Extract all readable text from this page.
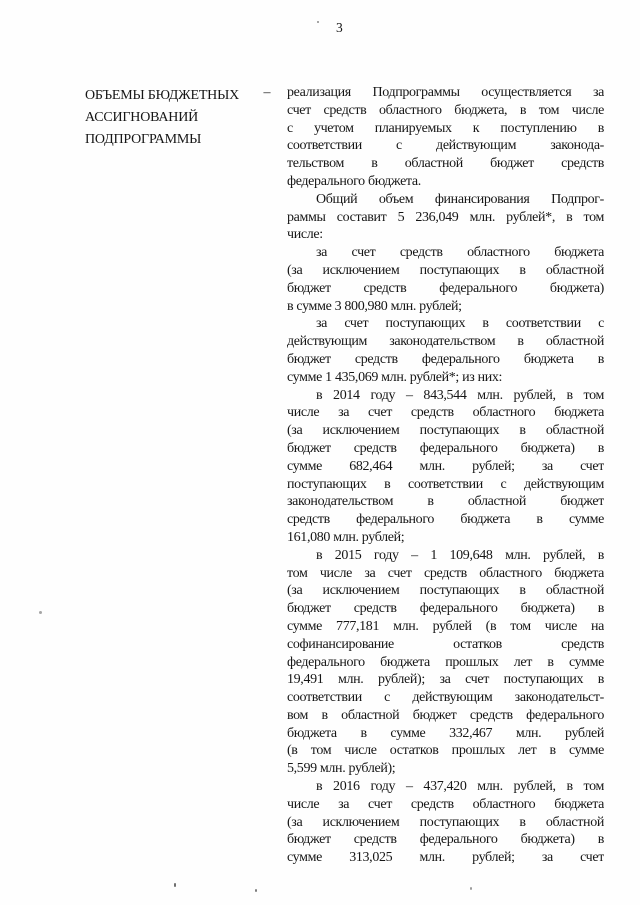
3
ОБЪЕМЫ БЮДЖЕТНЫХ
АССИГНОВАНИЙ
ПОДПРОГРАММЫ
–	реализация Подпрограммы осуществляется за
счет средств областного бюджета, в том числе
с учетом планируемых к поступлению в
соответствии с действующим законода-
тельством в областной бюджет средств
федерального бюджета.
Общий объем финансирования Подпрог-
раммы составит 5 236,049 млн. рублей*, в том
числе:
за счет средств областного бюджета
(за исключением поступающих в областной
бюджет средств федерального бюджета)
в сумме 3 800,980 млн. рублей;
за счет поступающих в соответствии с
действующим законодательством в областной
бюджет средств федерального бюджета в
сумме 1 435,069 млн. рублей*; из них:
в 2014 году – 843,544 млн. рублей, в том
числе за счет средств областного бюджета
(за исключением поступающих в областной
бюджет средств федерального бюджета) в
сумме 682,464 млн. рублей; за счет
поступающих в соответствии с действующим
законодательством в областной бюджет
средств федерального бюджета в сумме
161,080 млн. рублей;
в 2015 году – 1 109,648 млн. рублей, в
том числе за счет средств областного бюджета
(за исключением поступающих в областной
бюджет средств федерального бюджета) в
сумме 777,181 млн. рублей (в том числе на
софинансирование остатков средств
федерального бюджета прошлых лет в сумме
19,491 млн. рублей); за счет поступающих в
соответствии с действующим законодательст-
вом в областной бюджет средств федерального
бюджета в сумме 332,467 млн. рублей
(в том числе остатков прошлых лет в сумме
5,599 млн. рублей);
в 2016 году – 437,420 млн. рублей, в том
числе за счет средств областного бюджета
(за исключением поступающих в областной
бюджет средств федерального бюджета) в
сумме 313,025 млн. рублей; за счет
